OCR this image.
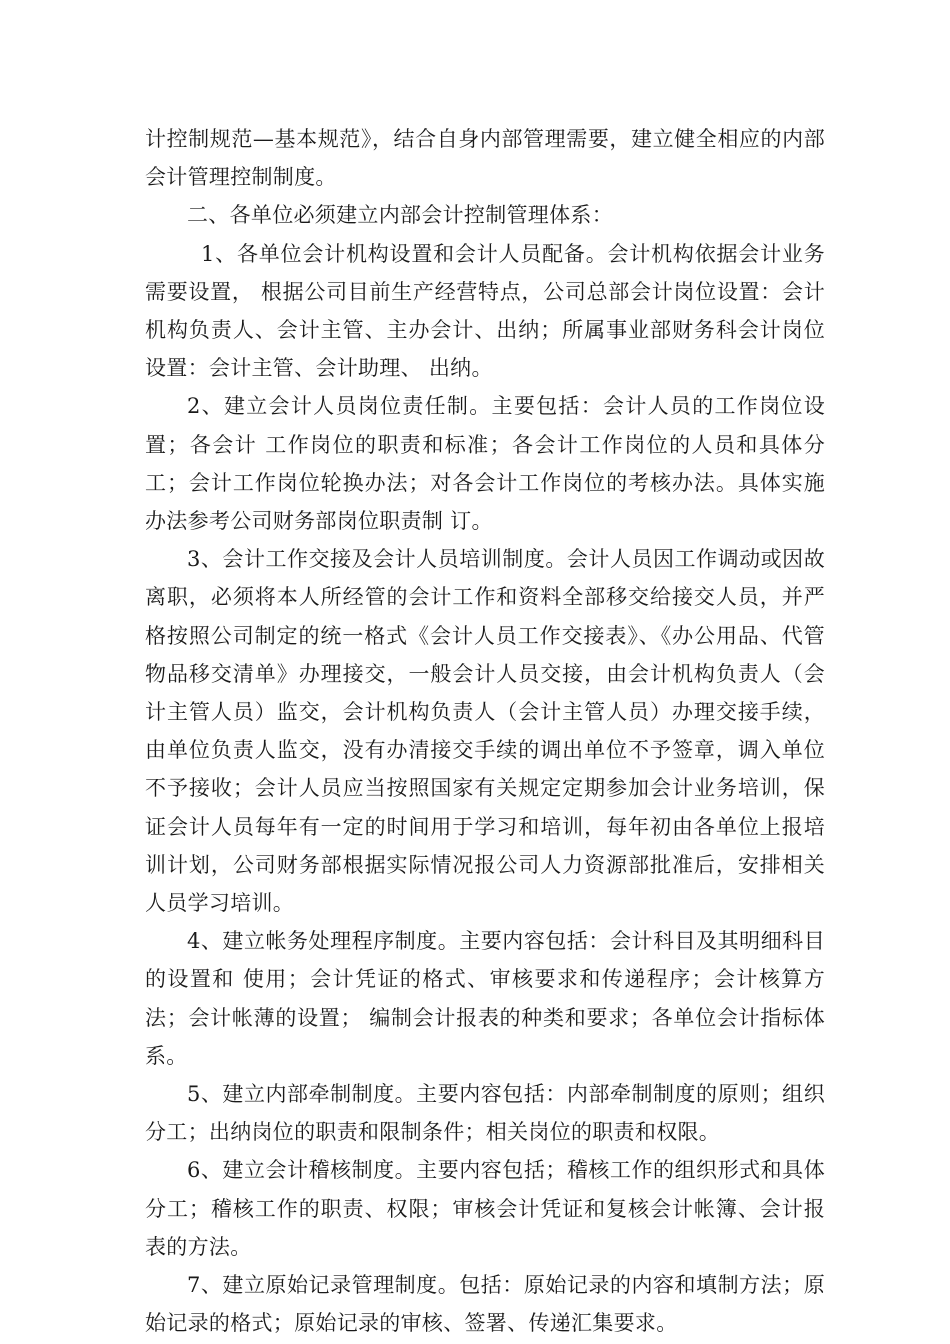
计控制规范—基本规范》，结合自身内部管理需要，建立健全相应的内部会计管理控制制度。

二、各单位必须建立内部会计控制管理体系：

1、各单位会计机构设置和会计人员配备。会计机构依据会计业务需要设置， 根据公司目前生产经营特点，公司总部会计岗位设置：会计机构负责人、会计主管、主办会计、出纳；所属事业部财务科会计岗位设置：会计主管、会计助理、 出纳。

2、建立会计人员岗位责任制。主要包括：会计人员的工作岗位设置；各会计 工作岗位的职责和标准；各会计工作岗位的人员和具体分工；会计工作岗位轮换办法；对各会计工作岗位的考核办法。具体实施办法参考公司财务部岗位职责制 订。

3、会计工作交接及会计人员培训制度。会计人员因工作调动或因故离职，必须将本人所经管的会计工作和资料全部移交给接交人员，并严格按照公司制定的统一格式《会计人员工作交接表》、《办公用品、代管物品移交清单》办理接交，一般会计人员交接，由会计机构负责人（会计主管人员）监交，会计机构负责人（会计主管人员）办理交接手续，由单位负责人监交，没有办清接交手续的调出单位不予签章，调入单位不予接收；会计人员应当按照国家有关规定定期参加会计业务培训，保证会计人员每年有一定的时间用于学习和培训，每年初由各单位上报培训计划，公司财务部根据实际情况报公司人力资源部批准后，安排相关人员学习培训。

4、建立帐务处理程序制度。主要内容包括：会计科目及其明细科目的设置和 使用；会计凭证的格式、审核要求和传递程序；会计核算方法；会计帐薄的设置； 编制会计报表的种类和要求；各单位会计指标体系。

5、建立内部牵制制度。主要内容包括：内部牵制制度的原则；组织分工；出纳岗位的职责和限制条件；相关岗位的职责和权限。

6、建立会计稽核制度。主要内容包括；稽核工作的组织形式和具体分工；稽核工作的职责、权限；审核会计凭证和复核会计帐簿、会计报表的方法。

7、建立原始记录管理制度。包括：原始记录的内容和填制方法；原始记录的格式；原始记录的审核、签署、传递汇集要求。
